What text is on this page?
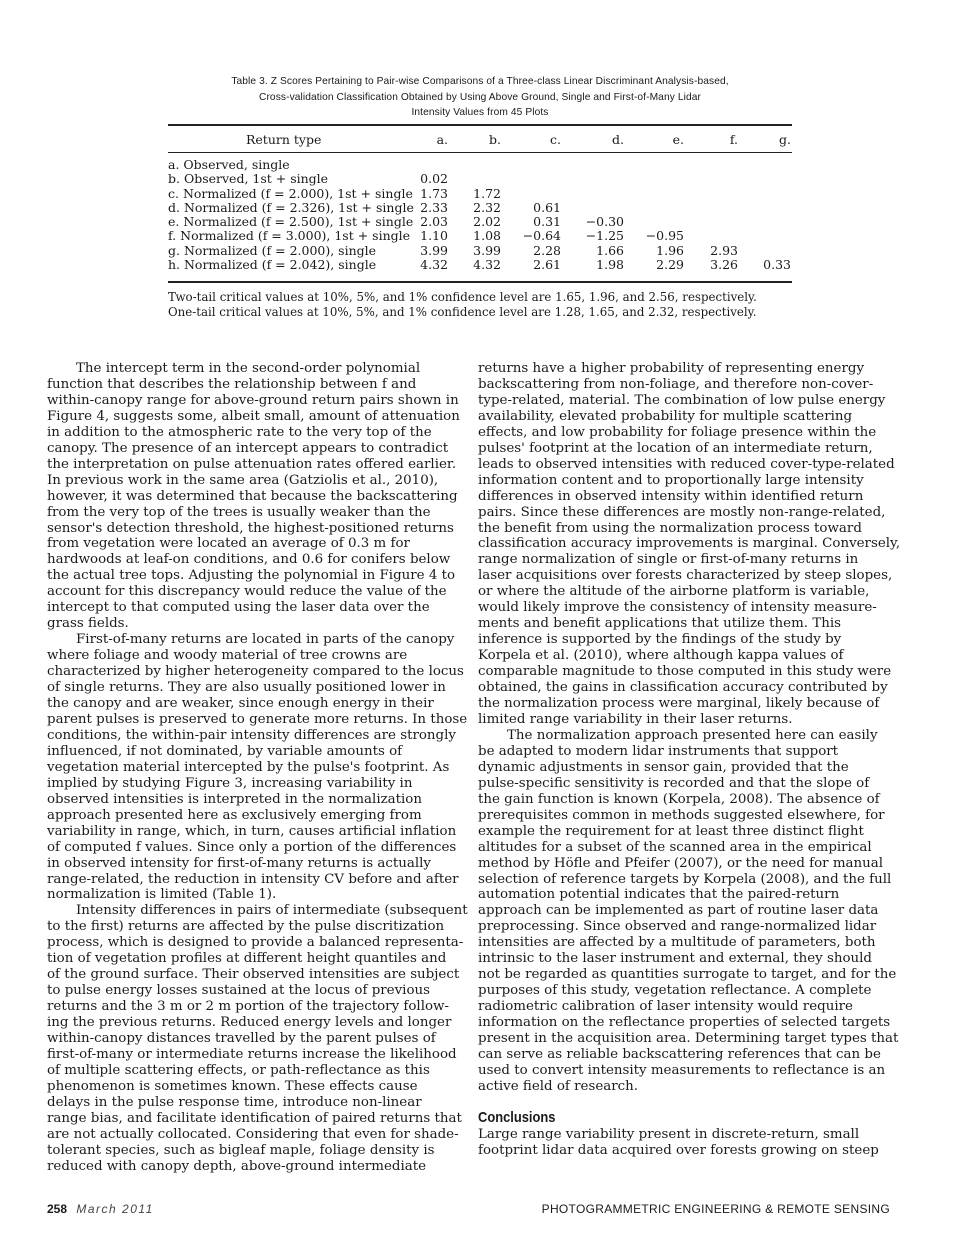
Table 3. Z Scores Pertaining to Pair-wise Comparisons of a Three-class Linear Discriminant Analysis-based,
Cross-validation Classification Obtained by Using Above Ground, Single and First-of-Many Lidar
Intensity Values from 45 Plots
Return type	a.	b.	c.	d.	e.	f.	g.
a. Observed, single
b. Observed, 1st + single	0.02
c. Normalized (f = 2.000), 1st + single 1.73	1.72
d. Normalized (f = 2.326), 1st + single 2.33	2.32	0.61
e. Normalized (f = 2.500), 1st + single 2.03	2.02	0.31	−0.30
f. Normalized (f = 3.000), 1st + single 1.10	1.08	−0.64	−1.25	−0.95
g. Normalized (f = 2.000), single	3.99	3.99	2.28	1.66	1.96	2.93
h. Normalized (f = 2.042), single	4.32	4.32	2.61	1.98	2.29	3.26	0.33
Two-tail critical values at 10%, 5%, and 1% confidence level are 1.65, 1.96, and 2.56, respectively.
One-tail critical values at 10%, 5%, and 1% confidence level are 1.28, 1.65, and 2.32, respectively.
The intercept term in the second-order polynomial
function that describes the relationship between f and
within-canopy range for above-ground return pairs shown in
Figure 4, suggests some, albeit small, amount of attenuation
in addition to the atmospheric rate to the very top of the
canopy. The presence of an intercept appears to contradict
the interpretation on pulse attenuation rates offered earlier.
In previous work in the same area (Gatziolis et al., 2010),
however, it was determined that because the backscattering
from the very top of the trees is usually weaker than the
sensor's detection threshold, the highest-positioned returns
from vegetation were located an average of 0.3 m for
hardwoods at leaf-on conditions, and 0.6 for conifers below
the actual tree tops. Adjusting the polynomial in Figure 4 to
account for this discrepancy would reduce the value of the
intercept to that computed using the laser data over the
grass fields.
First-of-many returns are located in parts of the canopy
where foliage and woody material of tree crowns are
characterized by higher heterogeneity compared to the locus
of single returns. They are also usually positioned lower in
the canopy and are weaker, since enough energy in their
parent pulses is preserved to generate more returns. In those
conditions, the within-pair intensity differences are strongly
influenced, if not dominated, by variable amounts of
vegetation material intercepted by the pulse's footprint. As
implied by studying Figure 3, increasing variability in
observed intensities is interpreted in the normalization
approach presented here as exclusively emerging from
variability in range, which, in turn, causes artificial inflation
of computed f values. Since only a portion of the differences
in observed intensity for first-of-many returns is actually
range-related, the reduction in intensity CV before and after
normalization is limited (Table 1).
Intensity differences in pairs of intermediate (subsequent
to the first) returns are affected by the pulse discritization
process, which is designed to provide a balanced representa-
tion of vegetation profiles at different height quantiles and
of the ground surface. Their observed intensities are subject
to pulse energy losses sustained at the locus of previous
returns and the 3 m or 2 m portion of the trajectory follow-
ing the previous returns. Reduced energy levels and longer
within-canopy distances travelled by the parent pulses of
first-of-many or intermediate returns increase the likelihood
of multiple scattering effects, or path-reflectance as this
phenomenon is sometimes known. These effects cause
delays in the pulse response time, introduce non-linear
range bias, and facilitate identification of paired returns that
are not actually collocated. Considering that even for shade-
tolerant species, such as bigleaf maple, foliage density is
reduced with canopy depth, above-ground intermediate
returns have a higher probability of representing energy
backscattering from non-foliage, and therefore non-cover-
type-related, material. The combination of low pulse energy
availability, elevated probability for multiple scattering
effects, and low probability for foliage presence within the
pulses' footprint at the location of an intermediate return,
leads to observed intensities with reduced cover-type-related
information content and to proportionally large intensity
differences in observed intensity within identified return
pairs. Since these differences are mostly non-range-related,
the benefit from using the normalization process toward
classification accuracy improvements is marginal. Conversely,
range normalization of single or first-of-many returns in
laser acquisitions over forests characterized by steep slopes,
or where the altitude of the airborne platform is variable,
would likely improve the consistency of intensity measure-
ments and benefit applications that utilize them. This
inference is supported by the findings of the study by
Korpela et al. (2010), where although kappa values of
comparable magnitude to those computed in this study were
obtained, the gains in classification accuracy contributed by
the normalization process were marginal, likely because of
limited range variability in their laser returns.
The normalization approach presented here can easily
be adapted to modern lidar instruments that support
dynamic adjustments in sensor gain, provided that the
pulse-specific sensitivity is recorded and that the slope of
the gain function is known (Korpela, 2008). The absence of
prerequisites common in methods suggested elsewhere, for
example the requirement for at least three distinct flight
altitudes for a subset of the scanned area in the empirical
method by Höfle and Pfeifer (2007), or the need for manual
selection of reference targets by Korpela (2008), and the full
automation potential indicates that the paired-return
approach can be implemented as part of routine laser data
preprocessing. Since observed and range-normalized lidar
intensities are affected by a multitude of parameters, both
intrinsic to the laser instrument and external, they should
not be regarded as quantities surrogate to target, and for the
purposes of this study, vegetation reflectance. A complete
radiometric calibration of laser intensity would require
information on the reflectance properties of selected targets
present in the acquisition area. Determining target types that
can serve as reliable backscattering references that can be
used to convert intensity measurements to reflectance is an
active field of research.
Conclusions
Large range variability present in discrete-return, small
footprint lidar data acquired over forests growing on steep
258 March 2011	PHOTOGRAMMETRIC ENGINEERING & REMOTE SENSING
